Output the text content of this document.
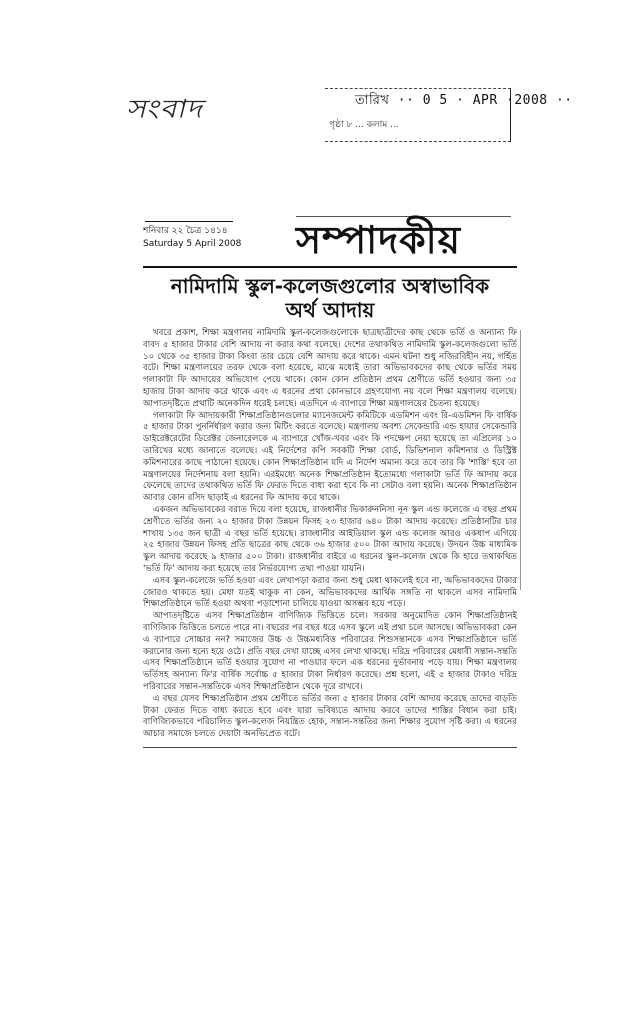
সংবাদ	তারিখ ·· 0 5 · APR ·2008 ··
পৃষ্ঠা ৮ ... কলাম ...
শনিবার ২২ চৈত্র ১৪১৪
Saturday 5 April 2008	সম্পাদকীয়
নামিদামি স্কুল-কলেজগুলোর অস্বাভাবিক
অর্থ আদায়

খবরে প্রকাশ, শিক্ষা মন্ত্রণালয় নামিদামি স্কুল-কলেজগুলোকে ছাত্রছাত্রীদের কাছ থেকে ভর্তি ও অন্যান্য ফি বাবদ ৫ হাজার টাকার বেশি আদায় না করার কথা বলেছে। দেশের তথাকথিত নামিদামি স্কুল-কলেজগুলো ভর্তি ১০ থেকে ৩৫ হাজার টাকা কিংবা তার চেয়ে বেশি আদায় করে থাকে। এমন ঘটনা শুধু নজিরবিহীন নয়, গর্হিত বটে। শিক্ষা মন্ত্রণালয়ের তরফ থেকে বলা হয়েছে, মাঝে মধ্যেই তারা অভিভাবকদের কাছ থেকে ভর্তির সময় গলাকাটা ফি আদায়ের অভিযোগ পেয়ে থাকে। কোন কোন প্রতিষ্ঠান প্রথম শ্রেণীতে ভর্তি হওয়ার জন্য ৩৫ হাজার টাকা আদায় করে থাকে এবং এ ধরনের প্রথা কোনভাবে গ্রহণযোগ্য নয় বলে শিক্ষা মন্ত্রণালয় বলেছে। আপাতদৃষ্টিতে প্রথাটি অনেকদিন ধরেই চলছে। এতদিনে এ ব্যাপারে শিক্ষা মন্ত্রণালয়ের চৈতন্য হয়েছে।

গলাকাটা ফি আদায়কারী শিক্ষাপ্রতিষ্ঠানগুলোর ম্যানেজমেন্ট কমিটিকে এডমিশন এবং রি-এডমিশন ফি বার্ষিক ৫ হাজার টাকা পুনর্নির্ধারণ করার জন্য মিটিং করতে বলেছে। মন্ত্রণালয় অবশ্য সেকেন্ডারি এন্ড হায়ার সেকেন্ডারি ডাইরেক্টরেটের ডিরেক্টর জেনারেলকে এ ব্যাপারে খোঁজ-খবর এবং কি পদক্ষেপ নেয়া হয়েছে তা এপ্রিলের ১০ তারিখের মধ্যে জানাতে বলেছে। এই নির্দেশের কপি সবকটি শিক্ষা বোর্ড, ডিভিশনাল কমিশনার ও ডিস্ট্রিক্ট কমিশনারের কাছে পাঠানো হয়েছে। কোন শিক্ষাপ্রতিষ্ঠান যদি এ নির্দেশ অমান্য করে তবে তার কি 'শাস্তি' হবে তা মন্ত্রণালয়ের নির্দেশনায় বলা হয়নি। এরইমধ্যে অনেক শিক্ষাপ্রতিষ্ঠান ইতোমধ্যে গলাকাটা ভর্তি ফি আদায় করে ফেলেছে তাদের তথাকথিত ভর্তি ফি ফেরত দিতে বাধ্য করা হবে কি না সেটাও বলা হয়নি। অনেক শিক্ষাপ্রতিষ্ঠান আবার কোন রসিদ ছাড়াই এ ধরনের ফি আদায় করে থাকে।

একজন অভিভাবকের বরাত দিয়ে বলা হয়েছে, রাজধানীর ভিকারুননিসা নূন স্কুল এন্ড কলেজে এ বছর প্রথম শ্রেণীতে ভর্তির জন্য ২০ হাজার টাকা উন্নয়ন ফিসহ ২৩ হাজার ৬৪০ টাকা আদায় করেছে। প্রতিষ্ঠানটির চার শাখায় ১৩৫ জন ছাত্রী এ বছর ভর্তি হয়েছে। রাজধানীর আইডিয়াল স্কুল এন্ড কলেজ আরও একধাপ এগিয়ে ২৫ হাজার উন্নয়ন ফিসহ প্রতি ছাত্রের কাছ থেকে ৩৬ হাজার ৫০০ টাকা আদায় করেছে। উদয়ন উচ্চ মাধ্যমিক স্কুল আদায় করেছে ৯ হাজার ৫০০ টাকা। রাজধানীর বাইরে এ ধরনের স্কুল-কলেজ থেকে কি হারে তথাকথিত 'ভর্তি ফি' আদায় করা হয়েছে তার নির্ভরযোগ্য তথ্য পাওয়া যায়নি।

এসব স্কুল-কলেজে ভর্তি হওয়া এবং লেখাপড়া করার জন্য শুধু মেধা থাকলেই হবে না, অভিভাবকদের টাকার জোরও থাকতে হয়। মেধা যতই থাকুক না কেন, অভিভাবকদের আর্থিক সঙ্গতি না থাকলে এসব নামিদামি শিক্ষাপ্রতিষ্ঠানে ভর্তি হওয়া অথবা পড়াশোনা চালিয়ে যাওয়া অসম্ভব হয়ে পড়ে।

আপাতদৃষ্টিতে এসব শিক্ষাপ্রতিষ্ঠান বাণিজ্যিক ভিত্তিতে চলে। সরকার অনুমোদিত কোন শিক্ষাপ্রতিষ্ঠানই বাণিজ্যিক ভিত্তিতে চলতে পারে না। বছরের পর বছর ধরে এসব স্কুলে এই প্রথা চলে আসছে। অভিভাবকরা কেন এ ব্যাপারে সোচ্চার নন? সমাজের উচ্চ ও উচ্চমধ্যবিত্ত পরিবারের শিশুসন্তানকে এসব শিক্ষাপ্রতিষ্ঠানে ভর্তি করানোর জন্য হন্যে হয়ে ওঠে। প্রতি বছর দেখা যাচ্ছে এসব লেখা থাকছে। দরিদ্র পরিবারের মেধাবী সন্তান-সন্ততি এসব শিক্ষাপ্রতিষ্ঠানে ভর্তি হওয়ার সুযোগ না পাওয়ার ফলে এক ধরনের দুর্ভাবনায় পড়ে যায়। শিক্ষা মন্ত্রণালয় ভর্তিসহ অন্যান্য ফি'র বার্ষিক সর্বোচ্চ ৫ হাজার টাকা নির্ধারণ করেছে। প্রশ্ন হলো, এই ৫ হাজার টাকাও দরিদ্র পরিবারের সন্তান-সন্ততিকে এসব শিক্ষাপ্রতিষ্ঠান থেকে দূরে রাখবে।

এ বছর যেসব শিক্ষাপ্রতিষ্ঠান প্রথম শ্রেণীতে ভর্তির জন্য ৫ হাজার টাকার বেশি আদায় করেছে তাদের বাড়তি টাকা ফেরত দিতে বাধ্য করতে হবে এবং যারা ভবিষ্যতে আদায় করবে তাদের শাস্তির বিধান করা চাই। বাণিজ্যিকভাবে পরিচালিত স্কুল-কলেজ নিয়ন্ত্রিত হোক, সন্তান-সন্ততির জন্য শিক্ষার সুযোগ সৃষ্টি করা। এ ধরনের আচার সমাজে চলতে দেয়াটা অনভিপ্রেত বটে।
